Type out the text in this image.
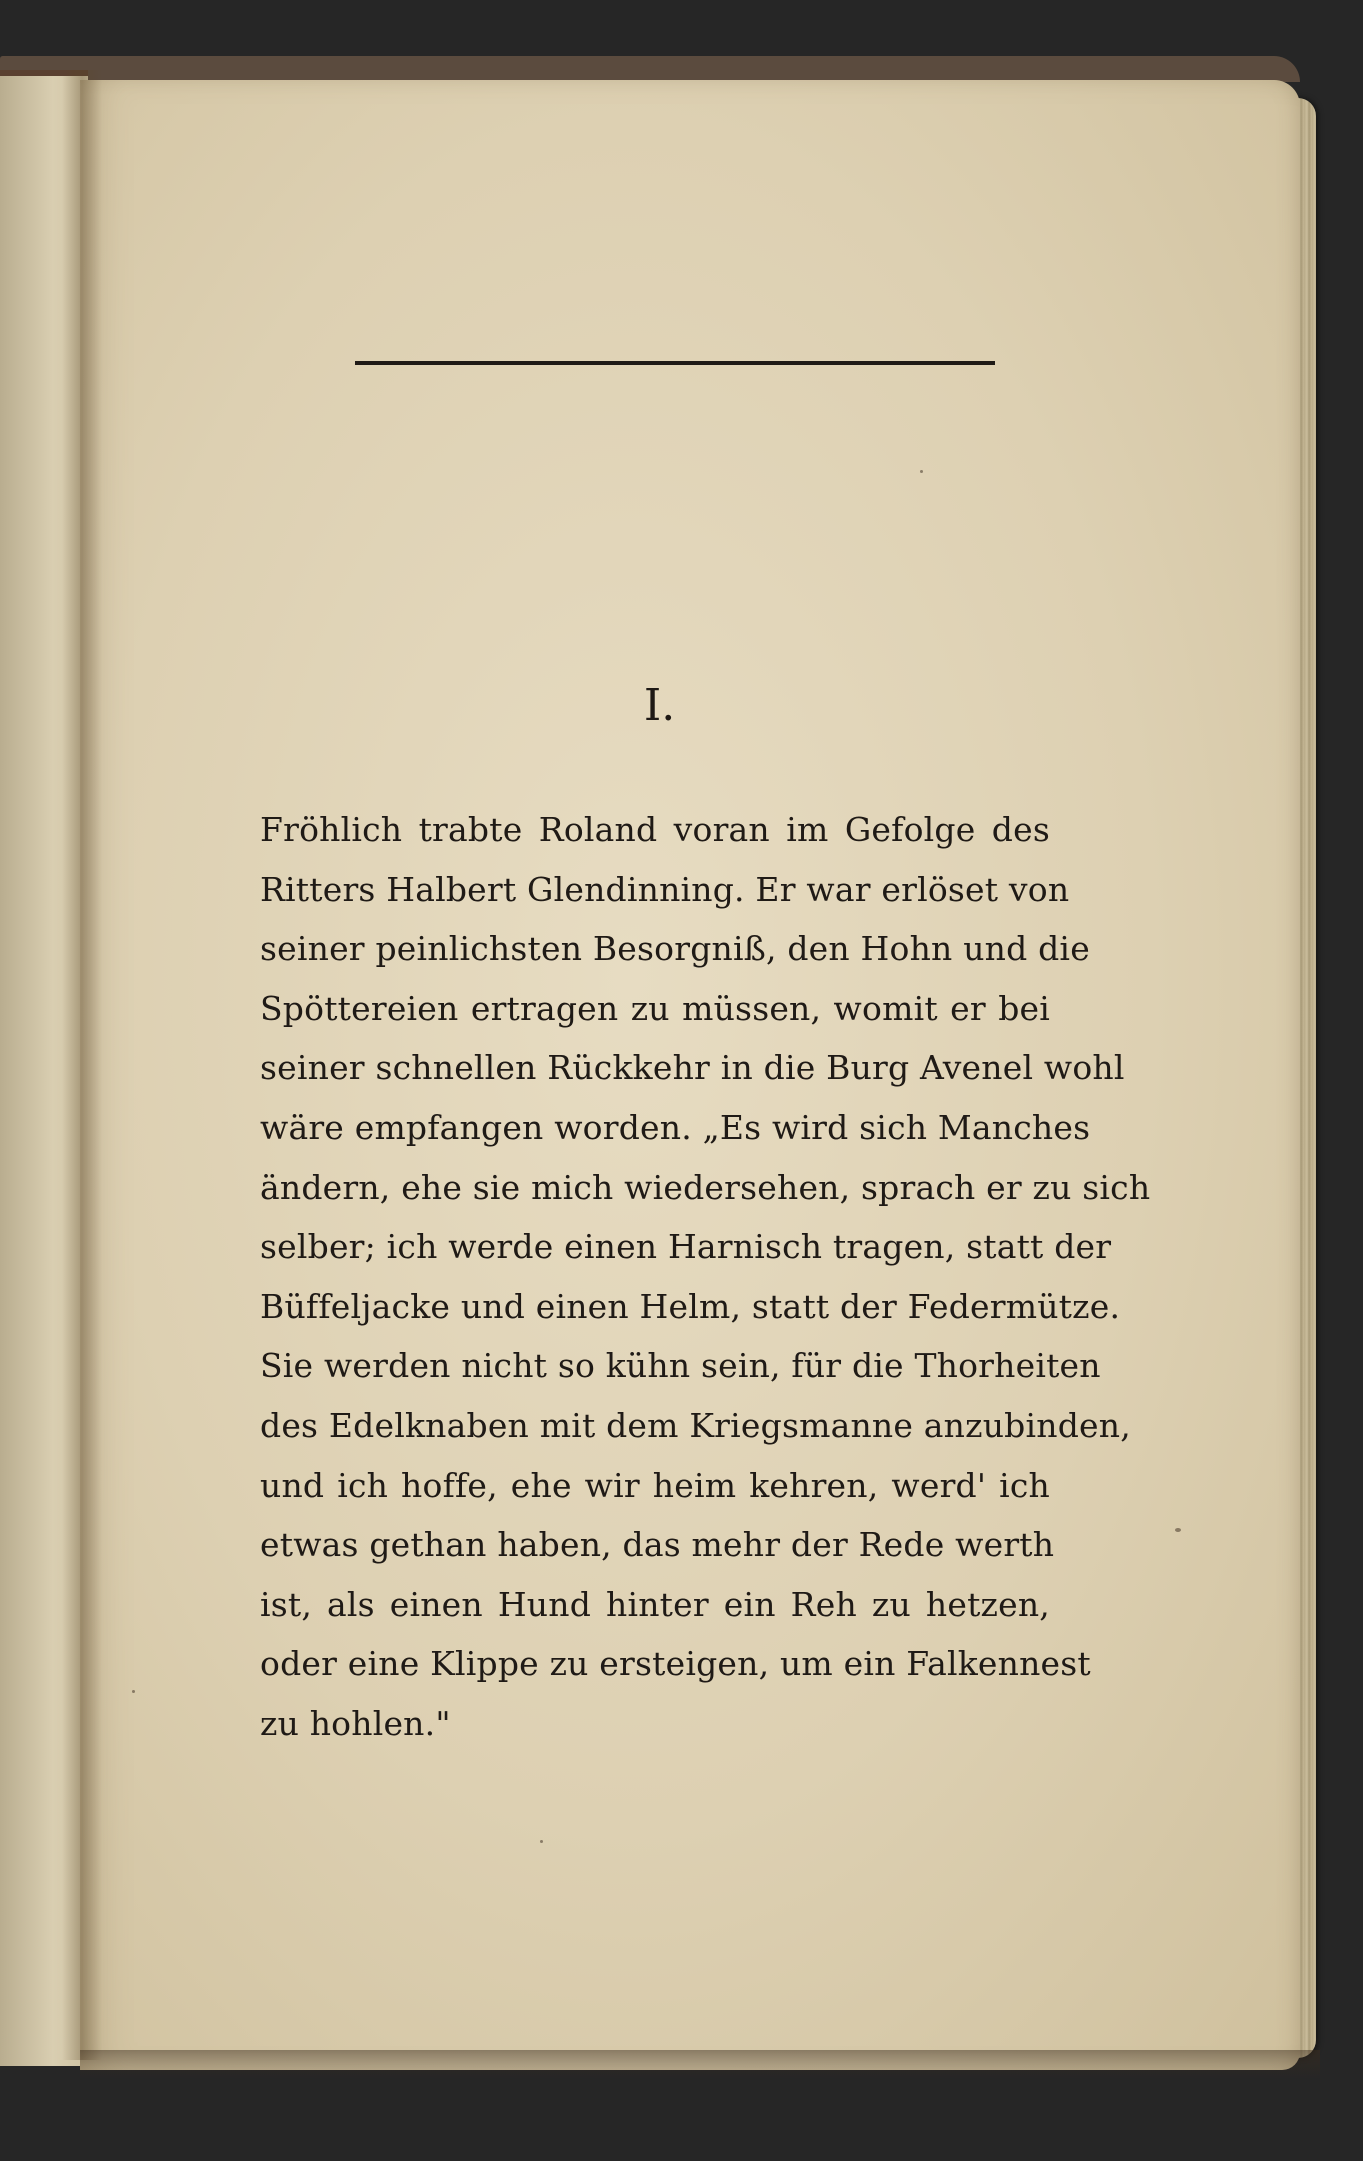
I.
Fröhlich trabte Roland voran im Gefolge des
Ritters Halbert Glendinning. Er war erlöset von
seiner peinlichsten Besorgniß, den Hohn und die
Spöttereien ertragen zu müssen, womit er bei
seiner schnellen Rückkehr in die Burg Avenel wohl
wäre empfangen worden. „Es wird sich Manches
ändern, ehe sie mich wiedersehen, sprach er zu sich
selber; ich werde einen Harnisch tragen, statt der
Büffeljacke und einen Helm, statt der Federmütze.
Sie werden nicht so kühn sein, für die Thorheiten
des Edelknaben mit dem Kriegsmanne anzubinden,
und ich hoffe, ehe wir heim kehren, werd' ich
etwas gethan haben, das mehr der Rede werth
ist, als einen Hund hinter ein Reh zu hetzen,
oder eine Klippe zu ersteigen, um ein Falkennest
zu hohlen."
